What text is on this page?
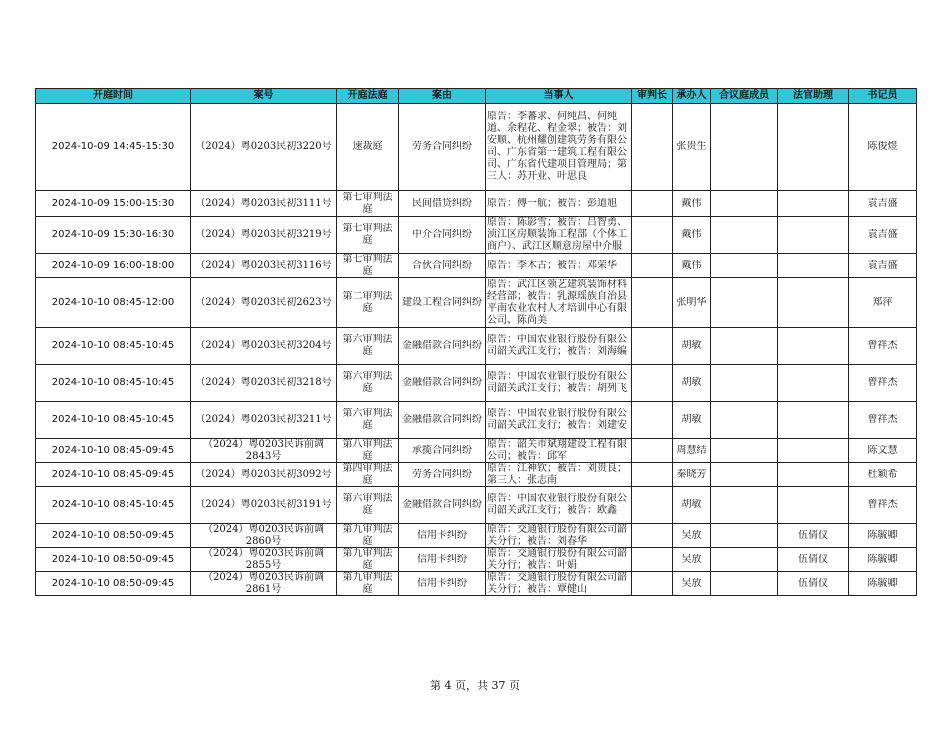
开庭时间	案号	开庭法庭	案由	当事人	审判长	承办人	合议庭成员	法官助理	书记员

2024-10-09 14:45-15:30	（2024）粤0203民初3220号	速裁庭	劳务合同纠纷	原告：李蕃求、何纯昌、何纯道、余程花、程金翠；被告：刘安顺、杭州耀创建筑劳务有限公司、广东省第一建筑工程有限公司、广东省代建项目管理局；第三人：苏开业、叶思良		张贵生			陈俊煜

2024-10-09 15:00-15:30	（2024）粤0203民初3111号	第七审判法庭	民间借贷纠纷	原告：傅一航；被告：彭道旭		戴伟			袁吉盛

2024-10-09 15:30-16:30	（2024）粤0203民初3219号	第七审判法庭	中介合同纠纷	原告：陈影雪；被告：吕智勇、浈江区房顺装饰工程部（个体工商户）、武江区顺意房屋中介服		戴伟			袁吉盛

2024-10-09 16:00-18:00	（2024）粤0203民初3116号	第七审判法庭	合伙合同纠纷	原告：李木古；被告：邓荣华		戴伟			袁吉盛

2024-10-10 08:45-12:00	（2024）粤0203民初2623号	第二审判法庭	建设工程合同纠纷	原告：武江区领艺建筑装饰材料经营部；被告：乳源瑶族自治县平南农业农村人才培训中心有限公司、陈尚美		张明华			郑萍

2024-10-10 08:45-10:45	（2024）粤0203民初3204号	第六审判法庭	金融借款合同纠纷	原告：中国农业银行股份有限公司韶关武江支行；被告：刘海编		胡敏			曾祥杰

2024-10-10 08:45-10:45	（2024）粤0203民初3218号	第六审判法庭	金融借款合同纠纷	原告：中国农业银行股份有限公司韶关武江支行；被告：胡列飞		胡敏			曾祥杰

2024-10-10 08:45-10:45	（2024）粤0203民初3211号	第六审判法庭	金融借款合同纠纷	原告：中国农业银行股份有限公司韶关武江支行；被告：刘建安		胡敏			曾祥杰

2024-10-10 08:45-09:45	（2024）粤0203民诉前调2843号	第八审判法庭	承揽合同纠纷	原告：韶关市斌翔建设工程有限公司；被告：邱军		周慧结			陈文慧

2024-10-10 08:45-09:45	（2024）粤0203民初3092号	第四审判法庭	劳务合同纠纷	原告：江神钦；被告：刘贵良；第三人：张志南		秦晓芳			杜颖希

2024-10-10 08:45-10:45	（2024）粤0203民初3191号	第六审判法庭	金融借款合同纠纷	原告：中国农业银行股份有限公司韶关武江支行；被告：欧鑫		胡敏			曾祥杰

2024-10-10 08:50-09:45	（2024）粤0203民诉前调2860号	第九审判法庭	信用卡纠纷	原告：交通银行股份有限公司韶关分行；被告：刘春华		吴放		伍倩仪	陈毓卿

2024-10-10 08:50-09:45	（2024）粤0203民诉前调2855号	第九审判法庭	信用卡纠纷	原告：交通银行股份有限公司韶关分行；被告：叶娟		吴放		伍倩仪	陈毓卿

2024-10-10 08:50-09:45	（2024）粤0203民诉前调2861号	第九审判法庭	信用卡纠纷	原告：交通银行股份有限公司韶关分行；被告：覃健山		吴放		伍倩仪	陈毓卿
第 4 页，共 37 页
